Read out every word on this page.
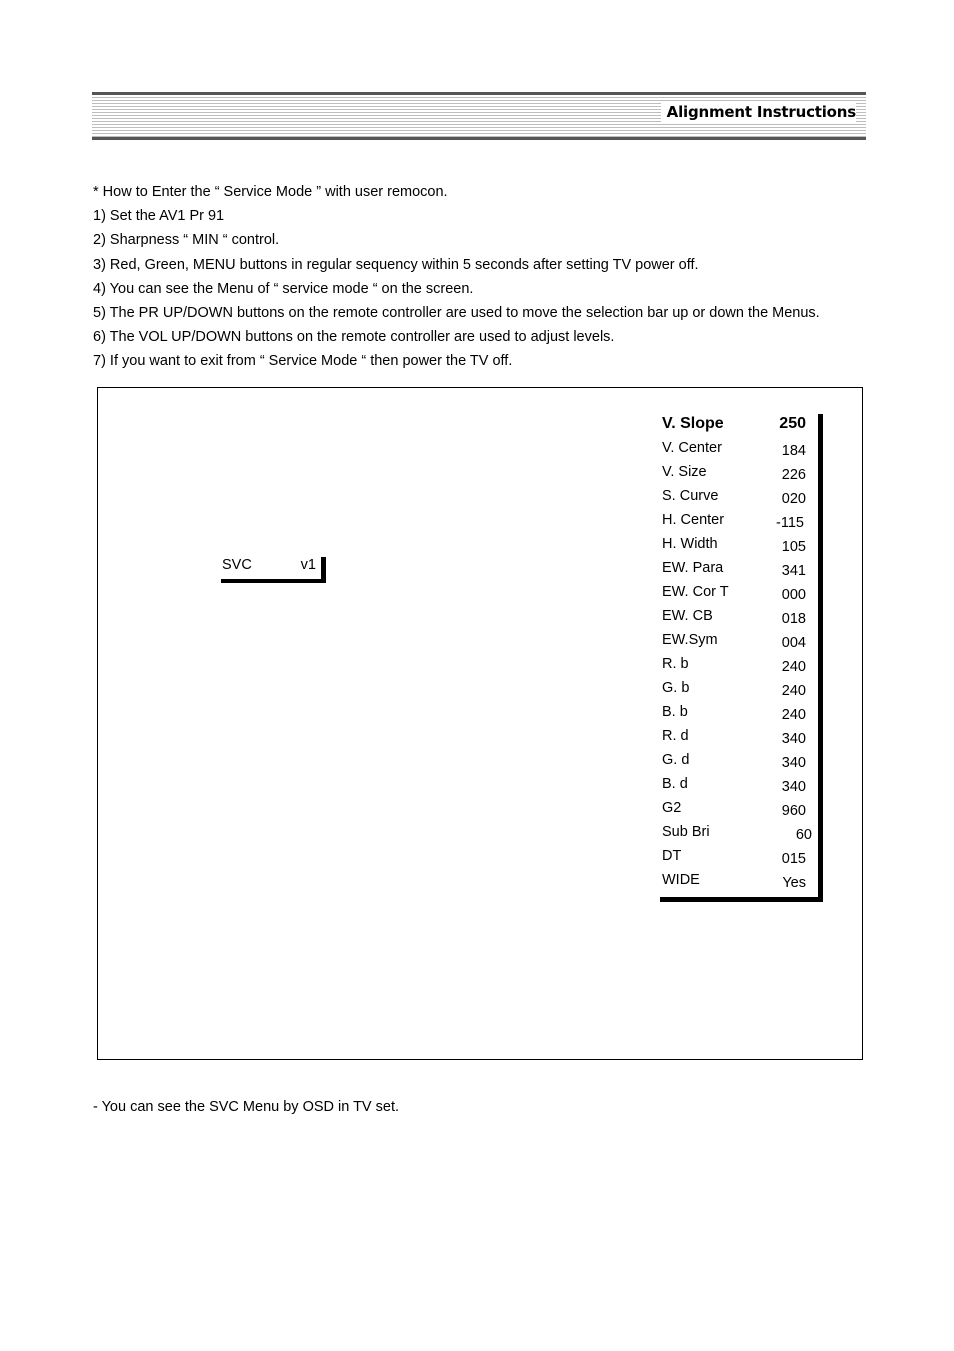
Alignment Instructions
* How to Enter the “ Service Mode ” with user remocon.
1) Set the AV1 Pr 91
2) Sharpness “ MIN “ control.
3) Red, Green, MENU buttons in regular sequency within 5 seconds after setting TV power off.
4) You can see the Menu of “ service mode “ on the screen.
5) The PR UP/DOWN buttons on the remote controller are used to move the selection bar up or down the Menus.
6) The VOL UP/DOWN buttons on the remote controller are used to adjust levels.
7) If you want to exit from “ Service Mode “ then power the TV off.
SVC	v1
V. Slope	250
V. Center	184
V. Size	226
S. Curve	020
H. Center	-115
H. Width	105
EW. Para	341
EW. Cor T	000
EW. CB	018
EW.Sym	004
R. b	240
G. b	240
B. b	240
R. d	340
G. d	340
B. d	340
G2	960
Sub Bri	60
DT	015
WIDE	Yes
- You can see the SVC Menu by OSD in TV set.
